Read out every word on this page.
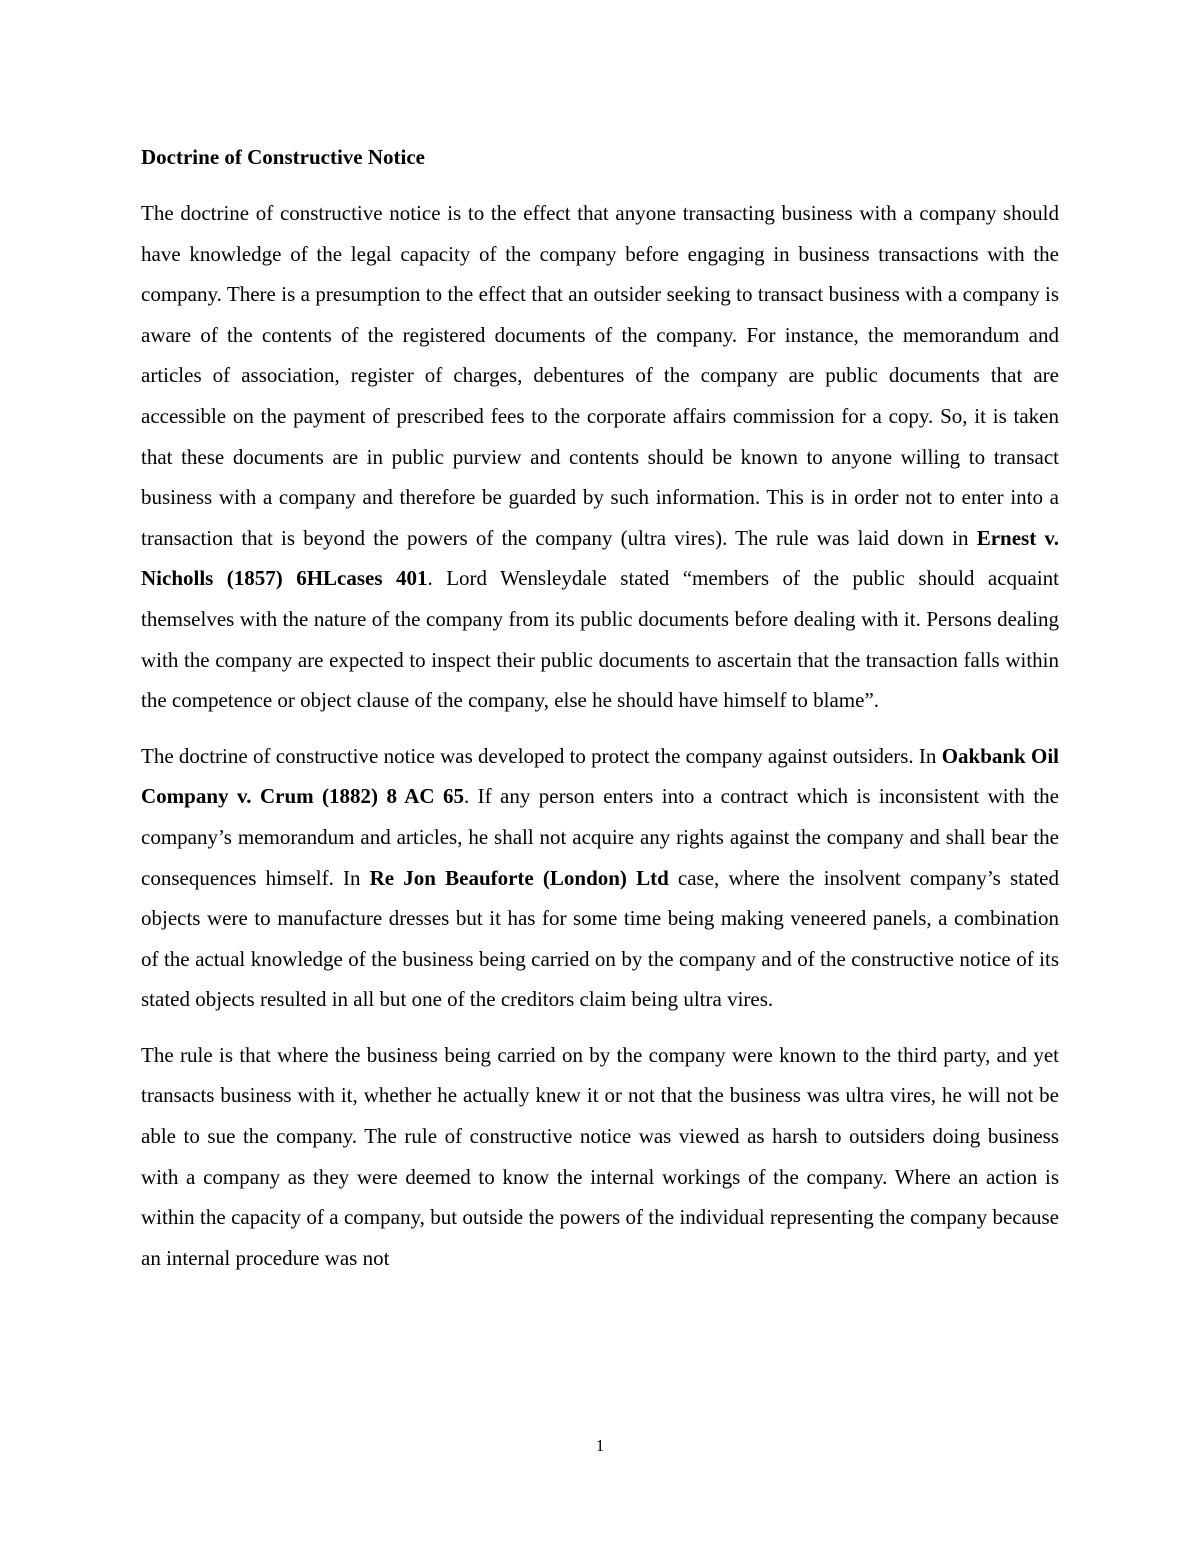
Doctrine of Constructive Notice

The doctrine of constructive notice is to the effect that anyone transacting business with a company should have knowledge of the legal capacity of the company before engaging in business transactions with the company. There is a presumption to the effect that an outsider seeking to transact business with a company is aware of the contents of the registered documents of the company. For instance, the memorandum and articles of association, register of charges, debentures of the company are public documents that are accessible on the payment of prescribed fees to the corporate affairs commission for a copy. So, it is taken that these documents are in public purview and contents should be known to anyone willing to transact business with a company and therefore be guarded by such information. This is in order not to enter into a transaction that is beyond the powers of the company (ultra vires). The rule was laid down in Ernest v. Nicholls (1857) 6HLcases 401. Lord Wensleydale stated “members of the public should acquaint themselves with the nature of the company from its public documents before dealing with it. Persons dealing with the company are expected to inspect their public documents to ascertain that the transaction falls within the competence or object clause of the company, else he should have himself to blame”.

The doctrine of constructive notice was developed to protect the company against outsiders. In Oakbank Oil Company v. Crum (1882) 8 AC 65. If any person enters into a contract which is inconsistent with the company’s memorandum and articles, he shall not acquire any rights against the company and shall bear the consequences himself. In Re Jon Beauforte (London) Ltd case, where the insolvent company’s stated objects were to manufacture dresses but it has for some time being making veneered panels, a combination of the actual knowledge of the business being carried on by the company and of the constructive notice of its stated objects resulted in all but one of the creditors claim being ultra vires.

The rule is that where the business being carried on by the company were known to the third party, and yet transacts business with it, whether he actually knew it or not that the business was ultra vires, he will not be able to sue the company. The rule of constructive notice was viewed as harsh to outsiders doing business with a company as they were deemed to know the internal workings of the company. Where an action is within the capacity of a company, but outside the powers of the individual representing the company because an internal procedure was not

1
